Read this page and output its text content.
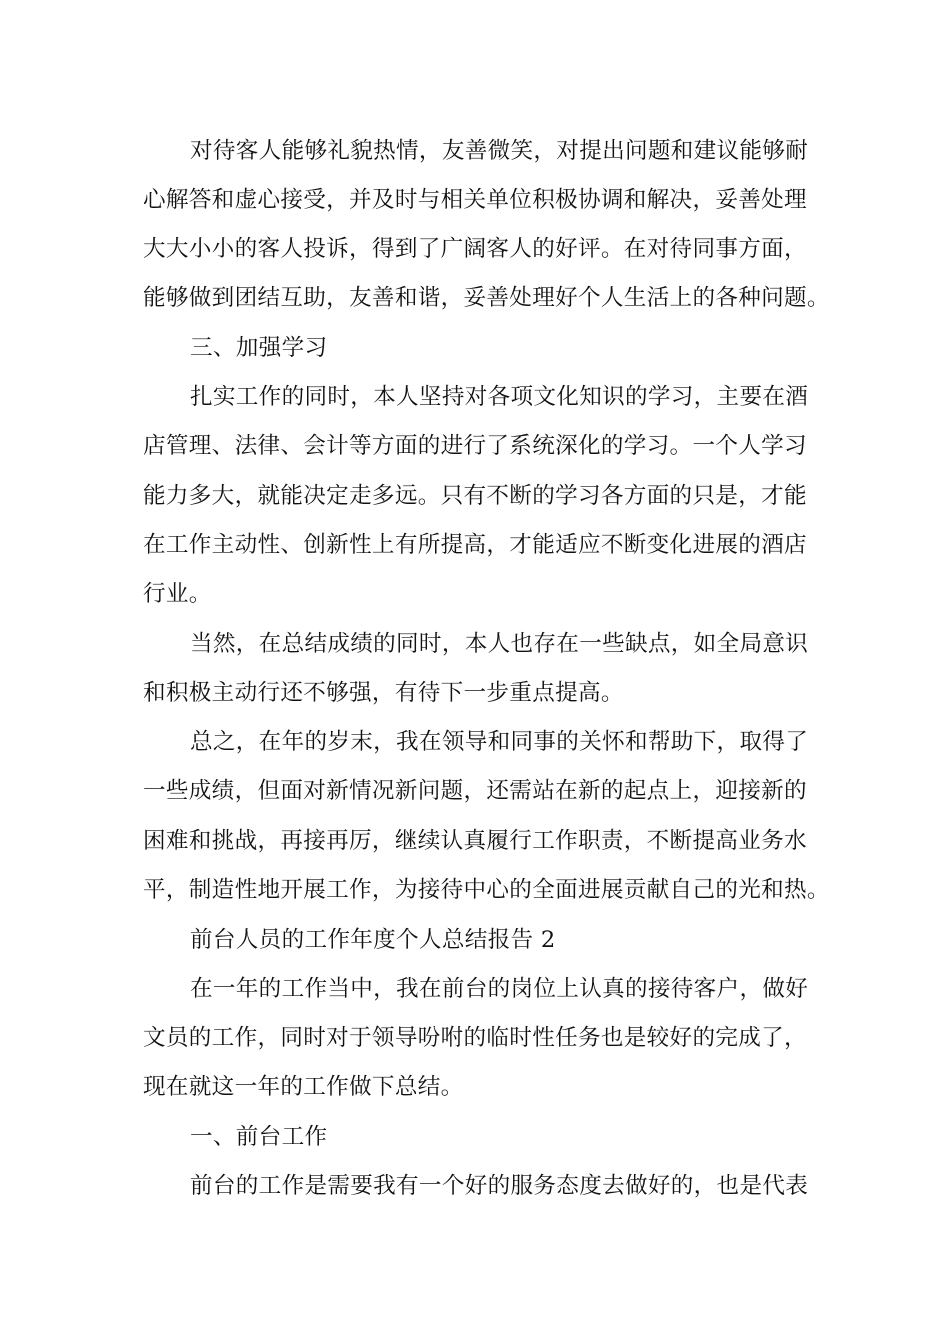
对待客人能够礼貌热情，友善微笑，对提出问题和建议能够耐
心解答和虚心接受，并及时与相关单位积极协调和解决，妥善处理
大大小小的客人投诉，得到了广阔客人的好评。在对待同事方面，
能够做到团结互助，友善和谐，妥善处理好个人生活上的各种问题。
三、加强学习
扎实工作的同时，本人坚持对各项文化知识的学习，主要在酒
店管理、法律、会计等方面的进行了系统深化的学习。一个人学习
能力多大，就能决定走多远。只有不断的学习各方面的只是，才能
在工作主动性、创新性上有所提高，才能适应不断变化进展的酒店
行业。
当然，在总结成绩的同时，本人也存在一些缺点，如全局意识
和积极主动行还不够强，有待下一步重点提高。
总之，在年的岁末，我在领导和同事的关怀和帮助下，取得了
一些成绩，但面对新情况新问题，还需站在新的起点上，迎接新的
困难和挑战，再接再厉，继续认真履行工作职责，不断提高业务水
平，制造性地开展工作，为接待中心的全面进展贡献自己的光和热。
前台人员的工作年度个人总结报告 2
在一年的工作当中，我在前台的岗位上认真的接待客户，做好
文员的工作，同时对于领导吩咐的临时性任务也是较好的完成了，
现在就这一年的工作做下总结。
一、前台工作
前台的工作是需要我有一个好的服务态度去做好的，也是代表
